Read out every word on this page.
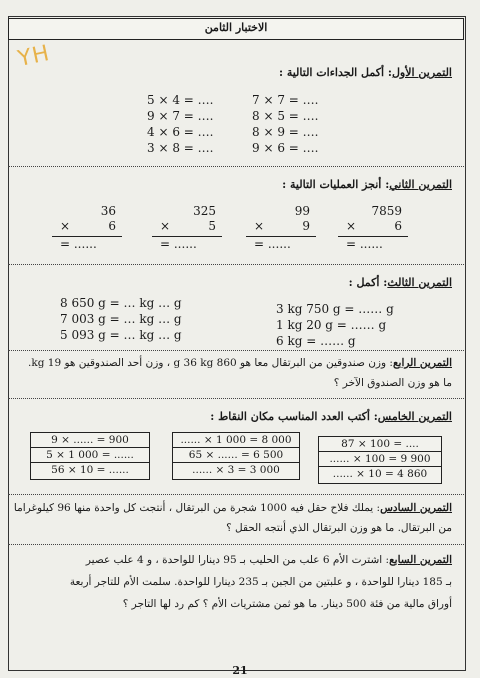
الاختبار الثامن
YH
التمرين الأول: أكمل الجداءات التالية :
5 × 4 = ….
9 × 7 = ….
4 × 6 = ….
3 × 8 = ….
7 × 7 = ….
8 × 5 = ….
8 × 9 = ….
9 × 6 = ….
التمرين الثاني: أنجز العمليات التالية :
36
×	6
= ......
325
×	5
= ......
99
×	9
= ......
7859
×	6
= ......
التمرين الثالث: أكمل :
8 650 g = … kg … g
7 003 g = … kg … g
5 093 g = … kg … g
3 kg 750 g = …… g
1 kg 20 g = …… g
6 kg = …… g
التمرين الرابع: وزن صندوقين من البرتقال معا هو 860 g 36 kg ، وزن أحد الصندوقين هو 19 kg.
ما هو وزن الصندوق الآخر ؟
التمرين الخامس: أكتب العدد المناسب مكان النقاط :
87 × 100 = ....
...... × 100 = 9 900
...... × 10 = 4 860
...... × 1 000 = 8 000
65 × ...... = 6 500
...... × 3 = 3 000
9 × ...... = 900
5 × 1 000 = ......
56 × 10 = ......
التمرين السادس: يملك فلاح حقل فيه 1000 شجرة من البرتقال ، أنتجت كل واحدة منها 96 كيلوغراما
من البرتقال. ما هو وزن البرتقال الذي أنتجه الحقل ؟
التمرين السابع: اشترت الأم 6 علب من الحليب بـ 95 دينارا للواحدة ، و 4 علب عصير
بـ 185 دينارا للواحدة ، و علبتين من الجبن بـ 235 دينارا للواحدة. سلمت الأم للتاجر أربعة
أوراق مالية من فئة 500 دينار. ما هو ثمن مشتريات الأم ؟ كم رد لها التاجر ؟
21
